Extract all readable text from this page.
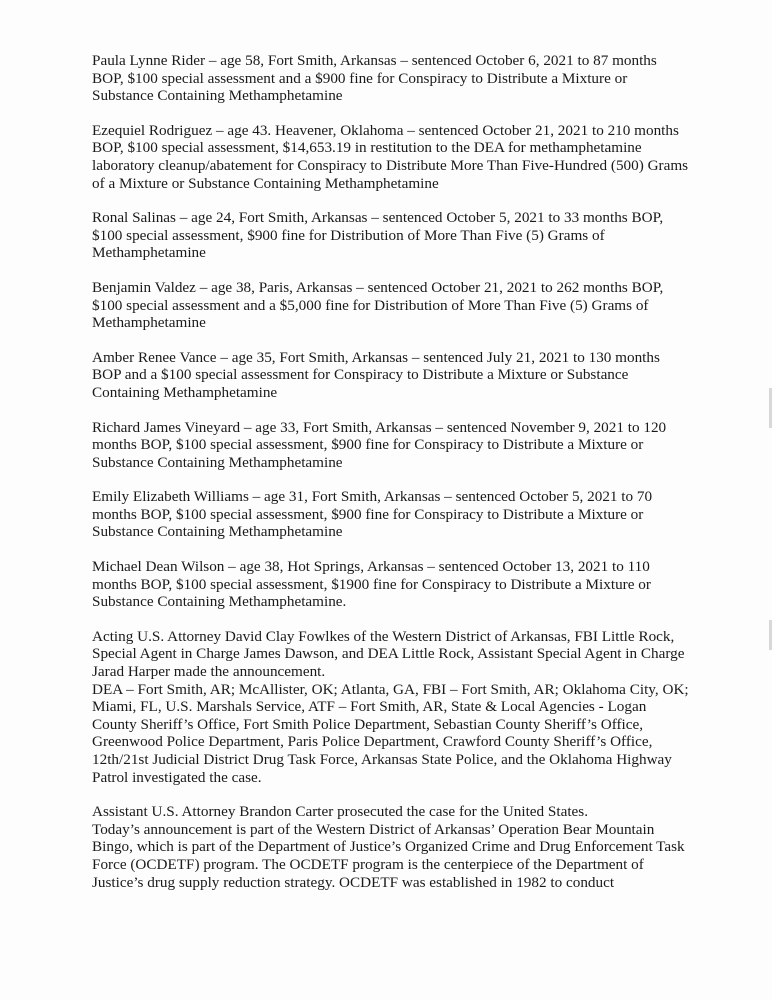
Paula Lynne Rider – age 58, Fort Smith, Arkansas – sentenced October 6, 2021 to 87 months BOP, $100 special assessment and a $900 fine for Conspiracy to Distribute a Mixture or Substance Containing Methamphetamine

Ezequiel Rodriguez – age 43. Heavener, Oklahoma – sentenced October 21, 2021 to 210 months BOP, $100 special assessment, $14,653.19 in restitution to the DEA for methamphetamine laboratory cleanup/abatement for Conspiracy to Distribute More Than Five-Hundred (500) Grams of a Mixture or Substance Containing Methamphetamine

Ronal Salinas – age 24, Fort Smith, Arkansas – sentenced October 5, 2021 to 33 months BOP, $100 special assessment, $900 fine for Distribution of More Than Five (5) Grams of Methamphetamine

Benjamin Valdez – age 38, Paris, Arkansas – sentenced October 21, 2021 to 262 months BOP, $100 special assessment and a $5,000 fine for Distribution of More Than Five (5) Grams of Methamphetamine

Amber Renee Vance – age 35, Fort Smith, Arkansas – sentenced July 21, 2021 to 130 months BOP and a $100 special assessment for Conspiracy to Distribute a Mixture or Substance Containing Methamphetamine

Richard James Vineyard – age 33, Fort Smith, Arkansas – sentenced November 9, 2021 to 120 months BOP, $100 special assessment, $900 fine for Conspiracy to Distribute a Mixture or Substance Containing Methamphetamine

Emily Elizabeth Williams – age 31, Fort Smith, Arkansas – sentenced October 5, 2021 to 70 months BOP, $100 special assessment, $900 fine for Conspiracy to Distribute a Mixture or Substance Containing Methamphetamine

Michael Dean Wilson – age 38, Hot Springs, Arkansas – sentenced October 13, 2021 to 110 months BOP, $100 special assessment, $1900 fine for Conspiracy to Distribute a Mixture or Substance Containing Methamphetamine.

Acting U.S. Attorney David Clay Fowlkes of the Western District of Arkansas, FBI Little Rock, Special Agent in Charge James Dawson, and DEA Little Rock, Assistant Special Agent in Charge Jarad Harper made the announcement.

DEA – Fort Smith, AR; McAllister, OK; Atlanta, GA, FBI – Fort Smith, AR; Oklahoma City, OK; Miami, FL, U.S. Marshals Service, ATF – Fort Smith, AR, State & Local Agencies - Logan County Sheriff’s Office, Fort Smith Police Department, Sebastian County Sheriff’s Office, Greenwood Police Department, Paris Police Department, Crawford County Sheriff’s Office, 12th/21st Judicial District Drug Task Force, Arkansas State Police, and the Oklahoma Highway Patrol investigated the case.

Assistant U.S. Attorney Brandon Carter prosecuted the case for the United States.

Today’s announcement is part of the Western District of Arkansas’ Operation Bear Mountain Bingo, which is part of the Department of Justice’s Organized Crime and Drug Enforcement Task Force (OCDETF) program. The OCDETF program is the centerpiece of the Department of Justice’s drug supply reduction strategy. OCDETF was established in 1982 to conduct
